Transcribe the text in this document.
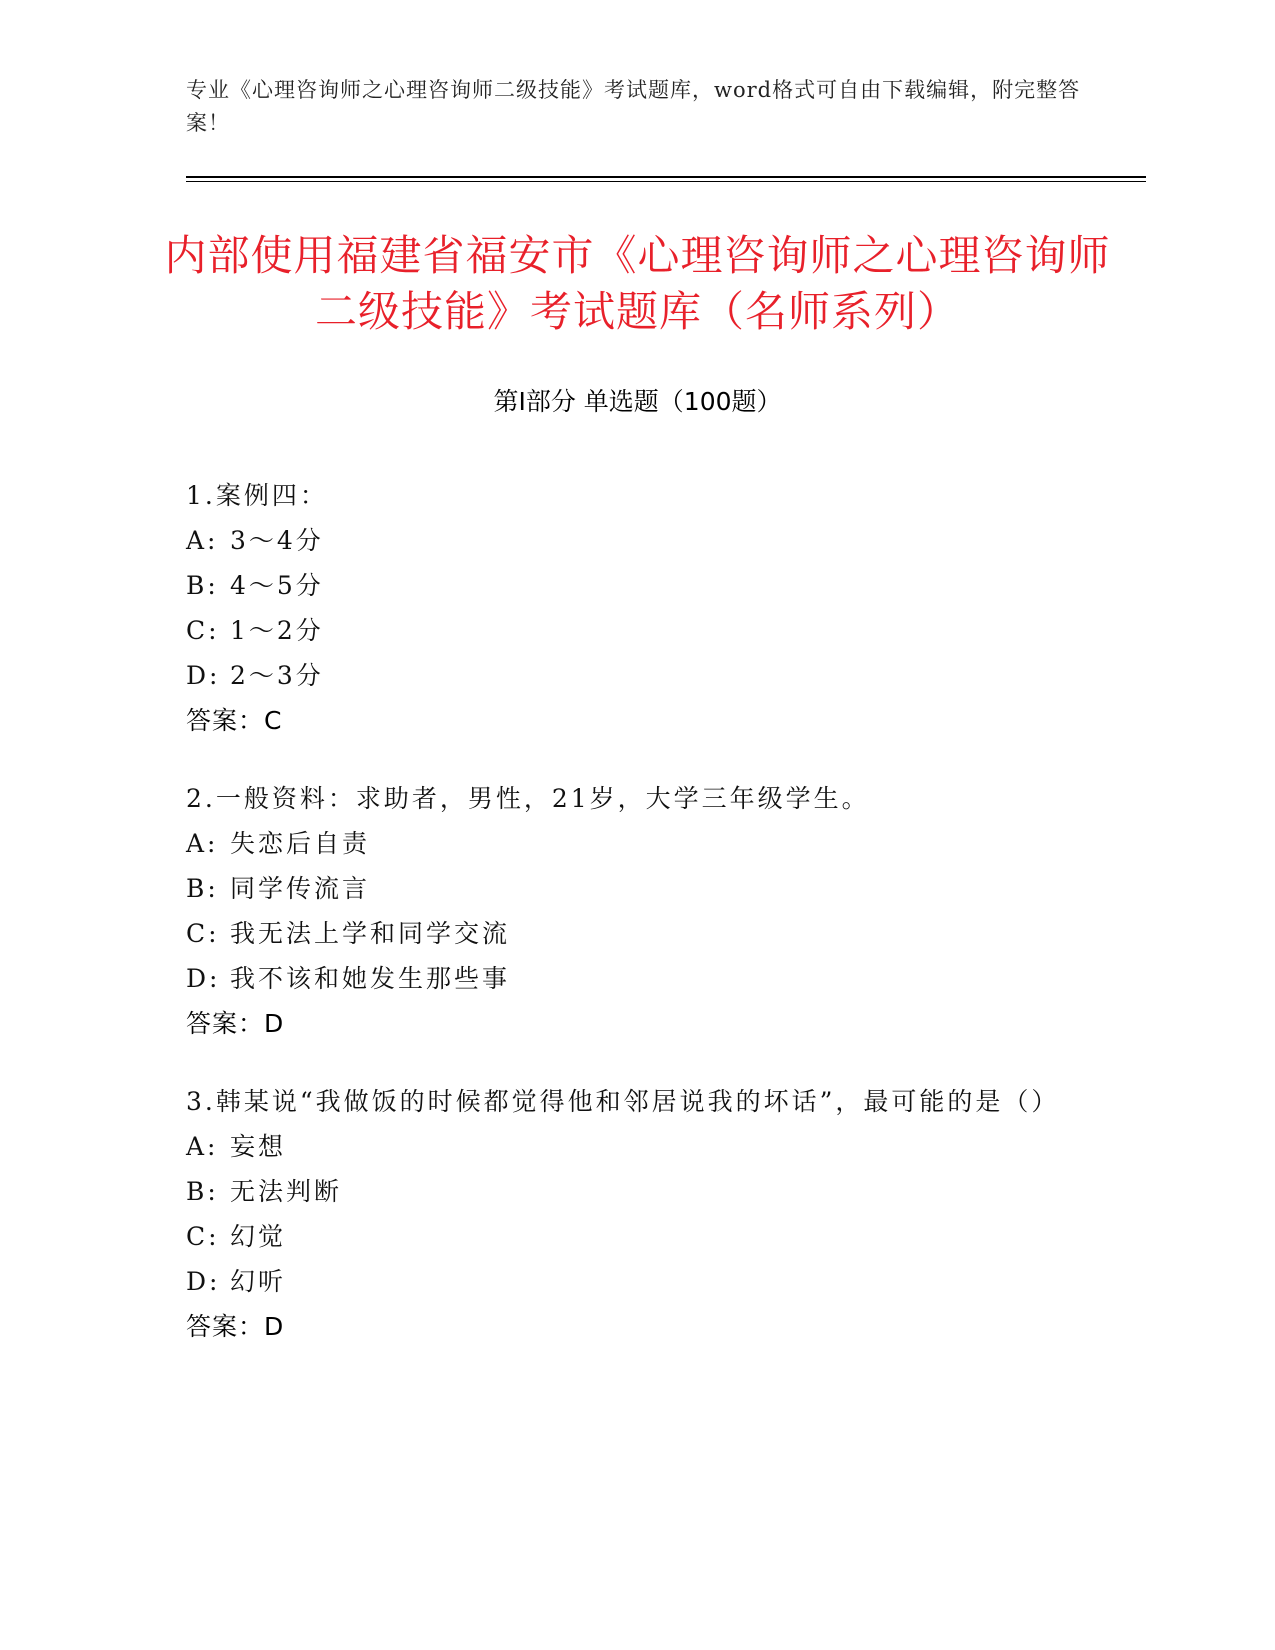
专业《心理咨询师之心理咨询师二级技能》考试题库，word格式可自由下载编辑，附完整答案！
内部使用福建省福安市《心理咨询师之心理咨询师二级技能》考试题库（名师系列）
第Ⅰ部分 单选题（100题）
1.案例四：
A: 3～4分
B: 4～5分
C: 1～2分
D: 2～3分
答案：C
2.一般资料：求助者，男性，21岁，大学三年级学生。
A: 失恋后自责
B: 同学传流言
C: 我无法上学和同学交流
D: 我不该和她发生那些事
答案：D
3.韩某说“我做饭的时候都觉得他和邻居说我的坏话”，最可能的是（）
A: 妄想
B: 无法判断
C: 幻觉
D: 幻听
答案：D
